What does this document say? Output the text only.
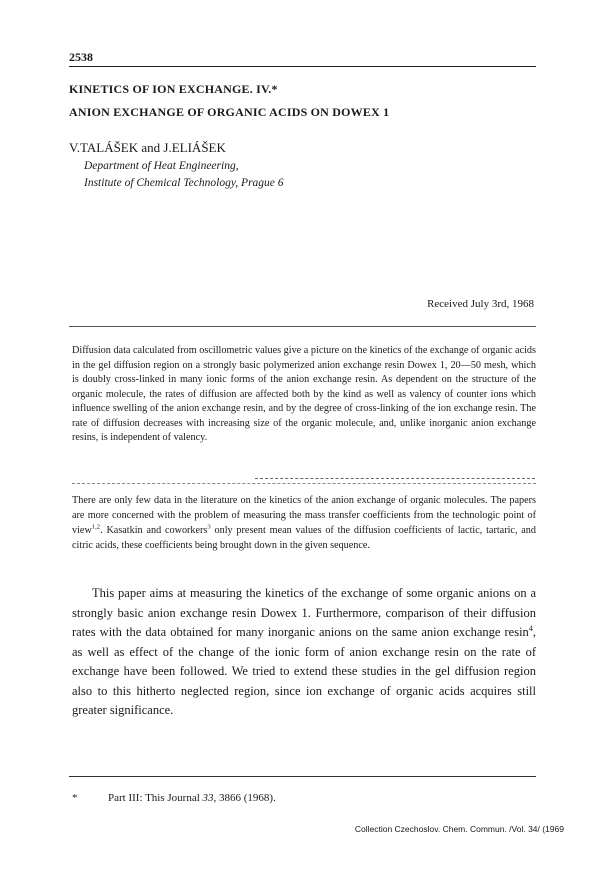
2538
KINETICS OF ION EXCHANGE. IV.*
ANION EXCHANGE OF ORGANIC ACIDS ON DOWEX 1
V.TALÁŠEK and J.ELIÁŠEK
Department of Heat Engineering,
Institute of Chemical Technology, Prague 6
Received July 3rd, 1968

Diffusion data calculated from oscillometric values give a picture on the kinetics of the exchange of organic acids in the gel diffusion region on a strongly basic polymerized anion exchange resin Dowex 1, 20—50 mesh, which is doubly cross-linked in many ionic forms of the anion exchange resin. As dependent on the structure of the organic molecule, the rates of diffusion are affected both by the kind as well as valency of counter ions which influence swelling of the anion exchange resin, and by the degree of cross-linking of the ion exchange resin. The rate of diffusion decreases with increasing size of the organic molecule, and, unlike inorganic anion exchange resins, is independent of valency.

There are only few data in the literature on the kinetics of the anion exchange of organic molecules. The papers are more concerned with the problem of measuring the mass transfer coefficients from the technologic point of view$^{1,2}$. Kasatkin and coworkers$^3$ only present mean values of the diffusion coefficients of lactic, tartaric, and citric acids, these coefficients being brought down in the given sequence.

This paper aims at measuring the kinetics of the exchange of some organic anions on a strongly basic anion exchange resin Dowex 1. Furthermore, comparison of their diffusion rates with the data obtained for many inorganic anions on the same anion exchange resin$^4$, as well as effect of the change of the ionic form of anion exchange resin on the rate of exchange have been followed. We tried to extend these studies in the gel diffusion region also to this hitherto neglected region, since ion exchange of organic acids acquires still greater significance.

*	Part III: This Journal 33, 3866 (1968).
Collection Czechoslov. Chem. Commun. /Vol. 34/ (1969
